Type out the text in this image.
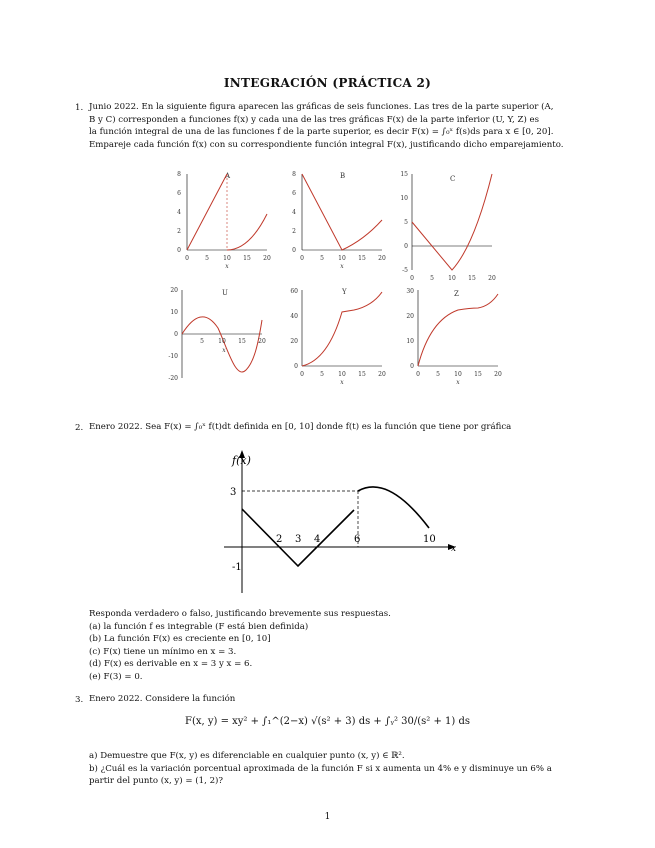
INTEGRACIÓN (PRÁCTICA 2)
1. Junio 2022. En la siguiente figura aparecen las gráficas de seis funciones. Las tres de la parte superior (A,
B y C) corresponden a funciones f(x) y cada una de las tres gráficas F(x) de la parte inferior (U, Y, Z) es
la función integral de una de las funciones f de la parte superior, es decir F(x) = ∫₀ˣ f(s)ds para x ∈ [0, 20].
Empareje cada función f(x) con su correspondiente función integral F(x), justificando dicho emparejamiento.
A
0
2
4
6
8
0	5 10 15 20
x
B
0
2
4
6
8
0	5 10 15 20
x
C
-5
0
5
10
15
0	5 10 15 20
U
-20
-10
0
10
20
5 10 15 20
x
Y
0
20
40
60
0	5 10 15 20
x
Z
0
10
20
30
0	5 10 15 20
x
2. Enero 2022. Sea F(x) = ∫₀ˣ f(t)dt definida en [0, 10] donde f(t) es la función que tiene por gráfica
f(x)
x
3
-1
2 3 4	6	10
Responda verdadero o falso, justificando brevemente sus respuestas.
(a) la función f es integrable (F está bien definida)
(b) La función F(x) es creciente en [0, 10]
(c) F(x) tiene un mínimo en x = 3.
(d) F(x) es derivable en x = 3 y x = 6.
(e) F(3) = 0.
3. Enero 2022. Considere la función
F(x, y) = xy² + ∫₁^(2−x) √(s² + 3) ds + ∫ᵧ² 30/(s² + 1) ds
a) Demuestre que F(x, y) es diferenciable en cualquier punto (x, y) ∈ ℝ².
b) ¿Cuál es la variación porcentual aproximada de la función F si x aumenta un 4% e y disminuye un 6% a
partir del punto (x, y) = (1, 2)?
1
